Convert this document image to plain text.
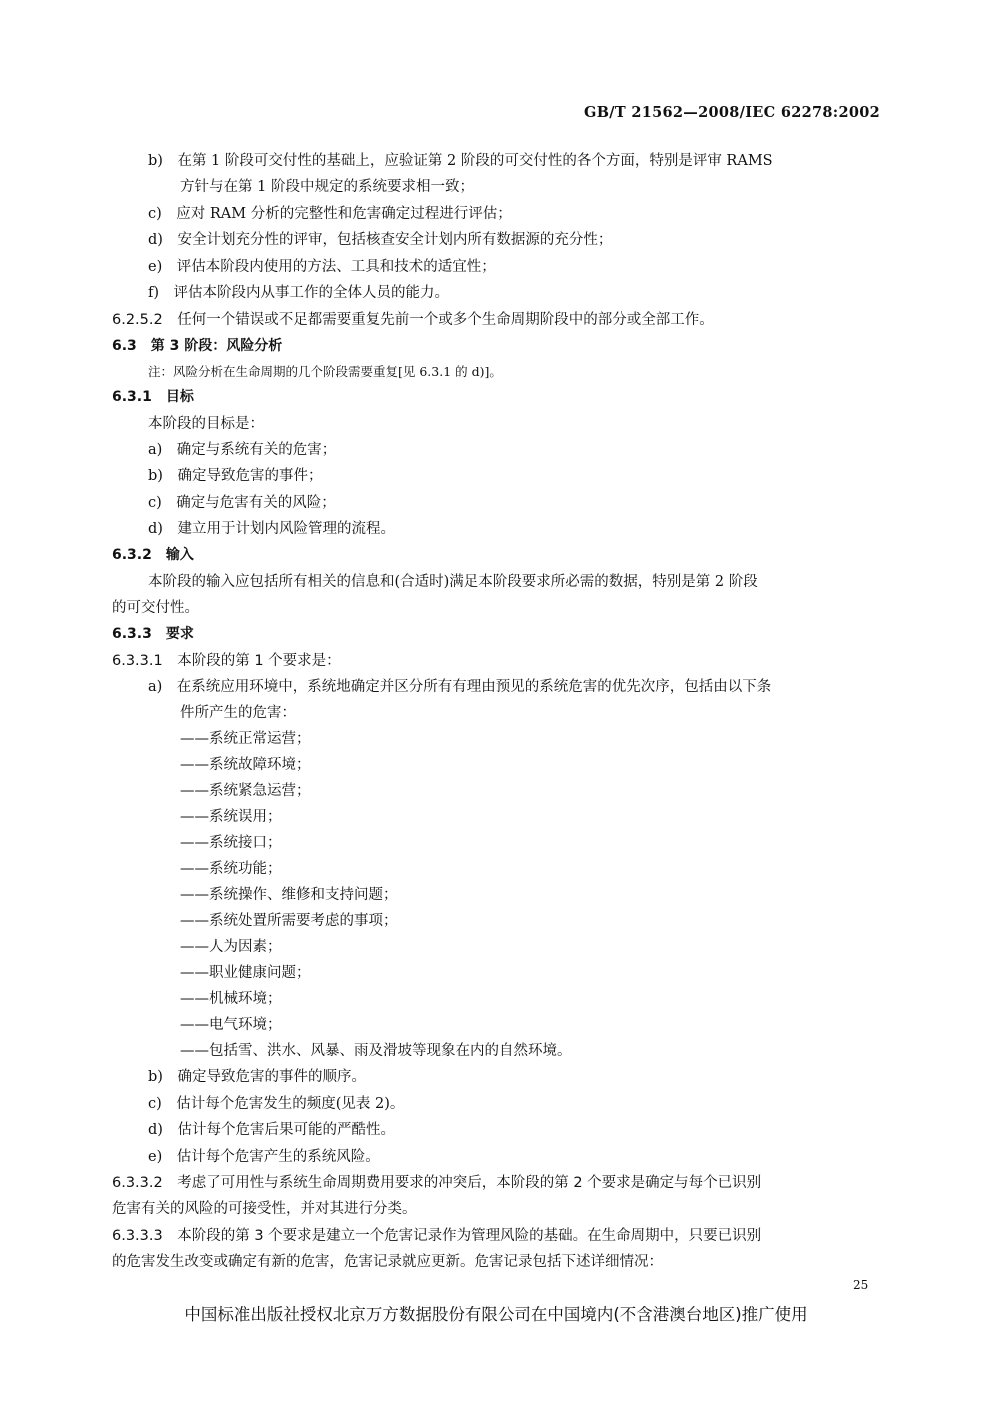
GB/T 21562—2008/IEC 62278:2002
b)　在第 1 阶段可交付性的基础上，应验证第 2 阶段的可交付性的各个方面，特别是评审 RAMS
方针与在第 1 阶段中规定的系统要求相一致；
c)　应对 RAM 分析的完整性和危害确定过程进行评估；
d)　安全计划充分性的评审，包括核查安全计划内所有数据源的充分性；
e)　评估本阶段内使用的方法、工具和技术的适宜性；
f)　评估本阶段内从事工作的全体人员的能力。
6.2.5.2　任何一个错误或不足都需要重复先前一个或多个生命周期阶段中的部分或全部工作。
6.3　第 3 阶段：风险分析
注：风险分析在生命周期的几个阶段需要重复[见 6.3.1 的 d)]。
6.3.1　目标
本阶段的目标是：
a)　确定与系统有关的危害；
b)　确定导致危害的事件；
c)　确定与危害有关的风险；
d)　建立用于计划内风险管理的流程。
6.3.2　输入
本阶段的输入应包括所有相关的信息和(合适时)满足本阶段要求所必需的数据，特别是第 2 阶段
的可交付性。
6.3.3　要求
6.3.3.1　本阶段的第 1 个要求是：
a)　在系统应用环境中，系统地确定并区分所有有理由预见的系统危害的优先次序，包括由以下条
件所产生的危害：
——系统正常运营；
——系统故障环境；
——系统紧急运营；
——系统误用；
——系统接口；
——系统功能；
——系统操作、维修和支持问题；
——系统处置所需要考虑的事项；
——人为因素；
——职业健康问题；
——机械环境；
——电气环境；
——包括雪、洪水、风暴、雨及滑坡等现象在内的自然环境。
b)　确定导致危害的事件的顺序。
c)　估计每个危害发生的频度(见表 2)。
d)　估计每个危害后果可能的严酷性。
e)　估计每个危害产生的系统风险。
6.3.3.2　考虑了可用性与系统生命周期费用要求的冲突后，本阶段的第 2 个要求是确定与每个已识别
危害有关的风险的可接受性，并对其进行分类。
6.3.3.3　本阶段的第 3 个要求是建立一个危害记录作为管理风险的基础。在生命周期中，只要已识别
的危害发生改变或确定有新的危害，危害记录就应更新。危害记录包括下述详细情况：
25
中国标准出版社授权北京万方数据股份有限公司在中国境内(不含港澳台地区)推广使用
